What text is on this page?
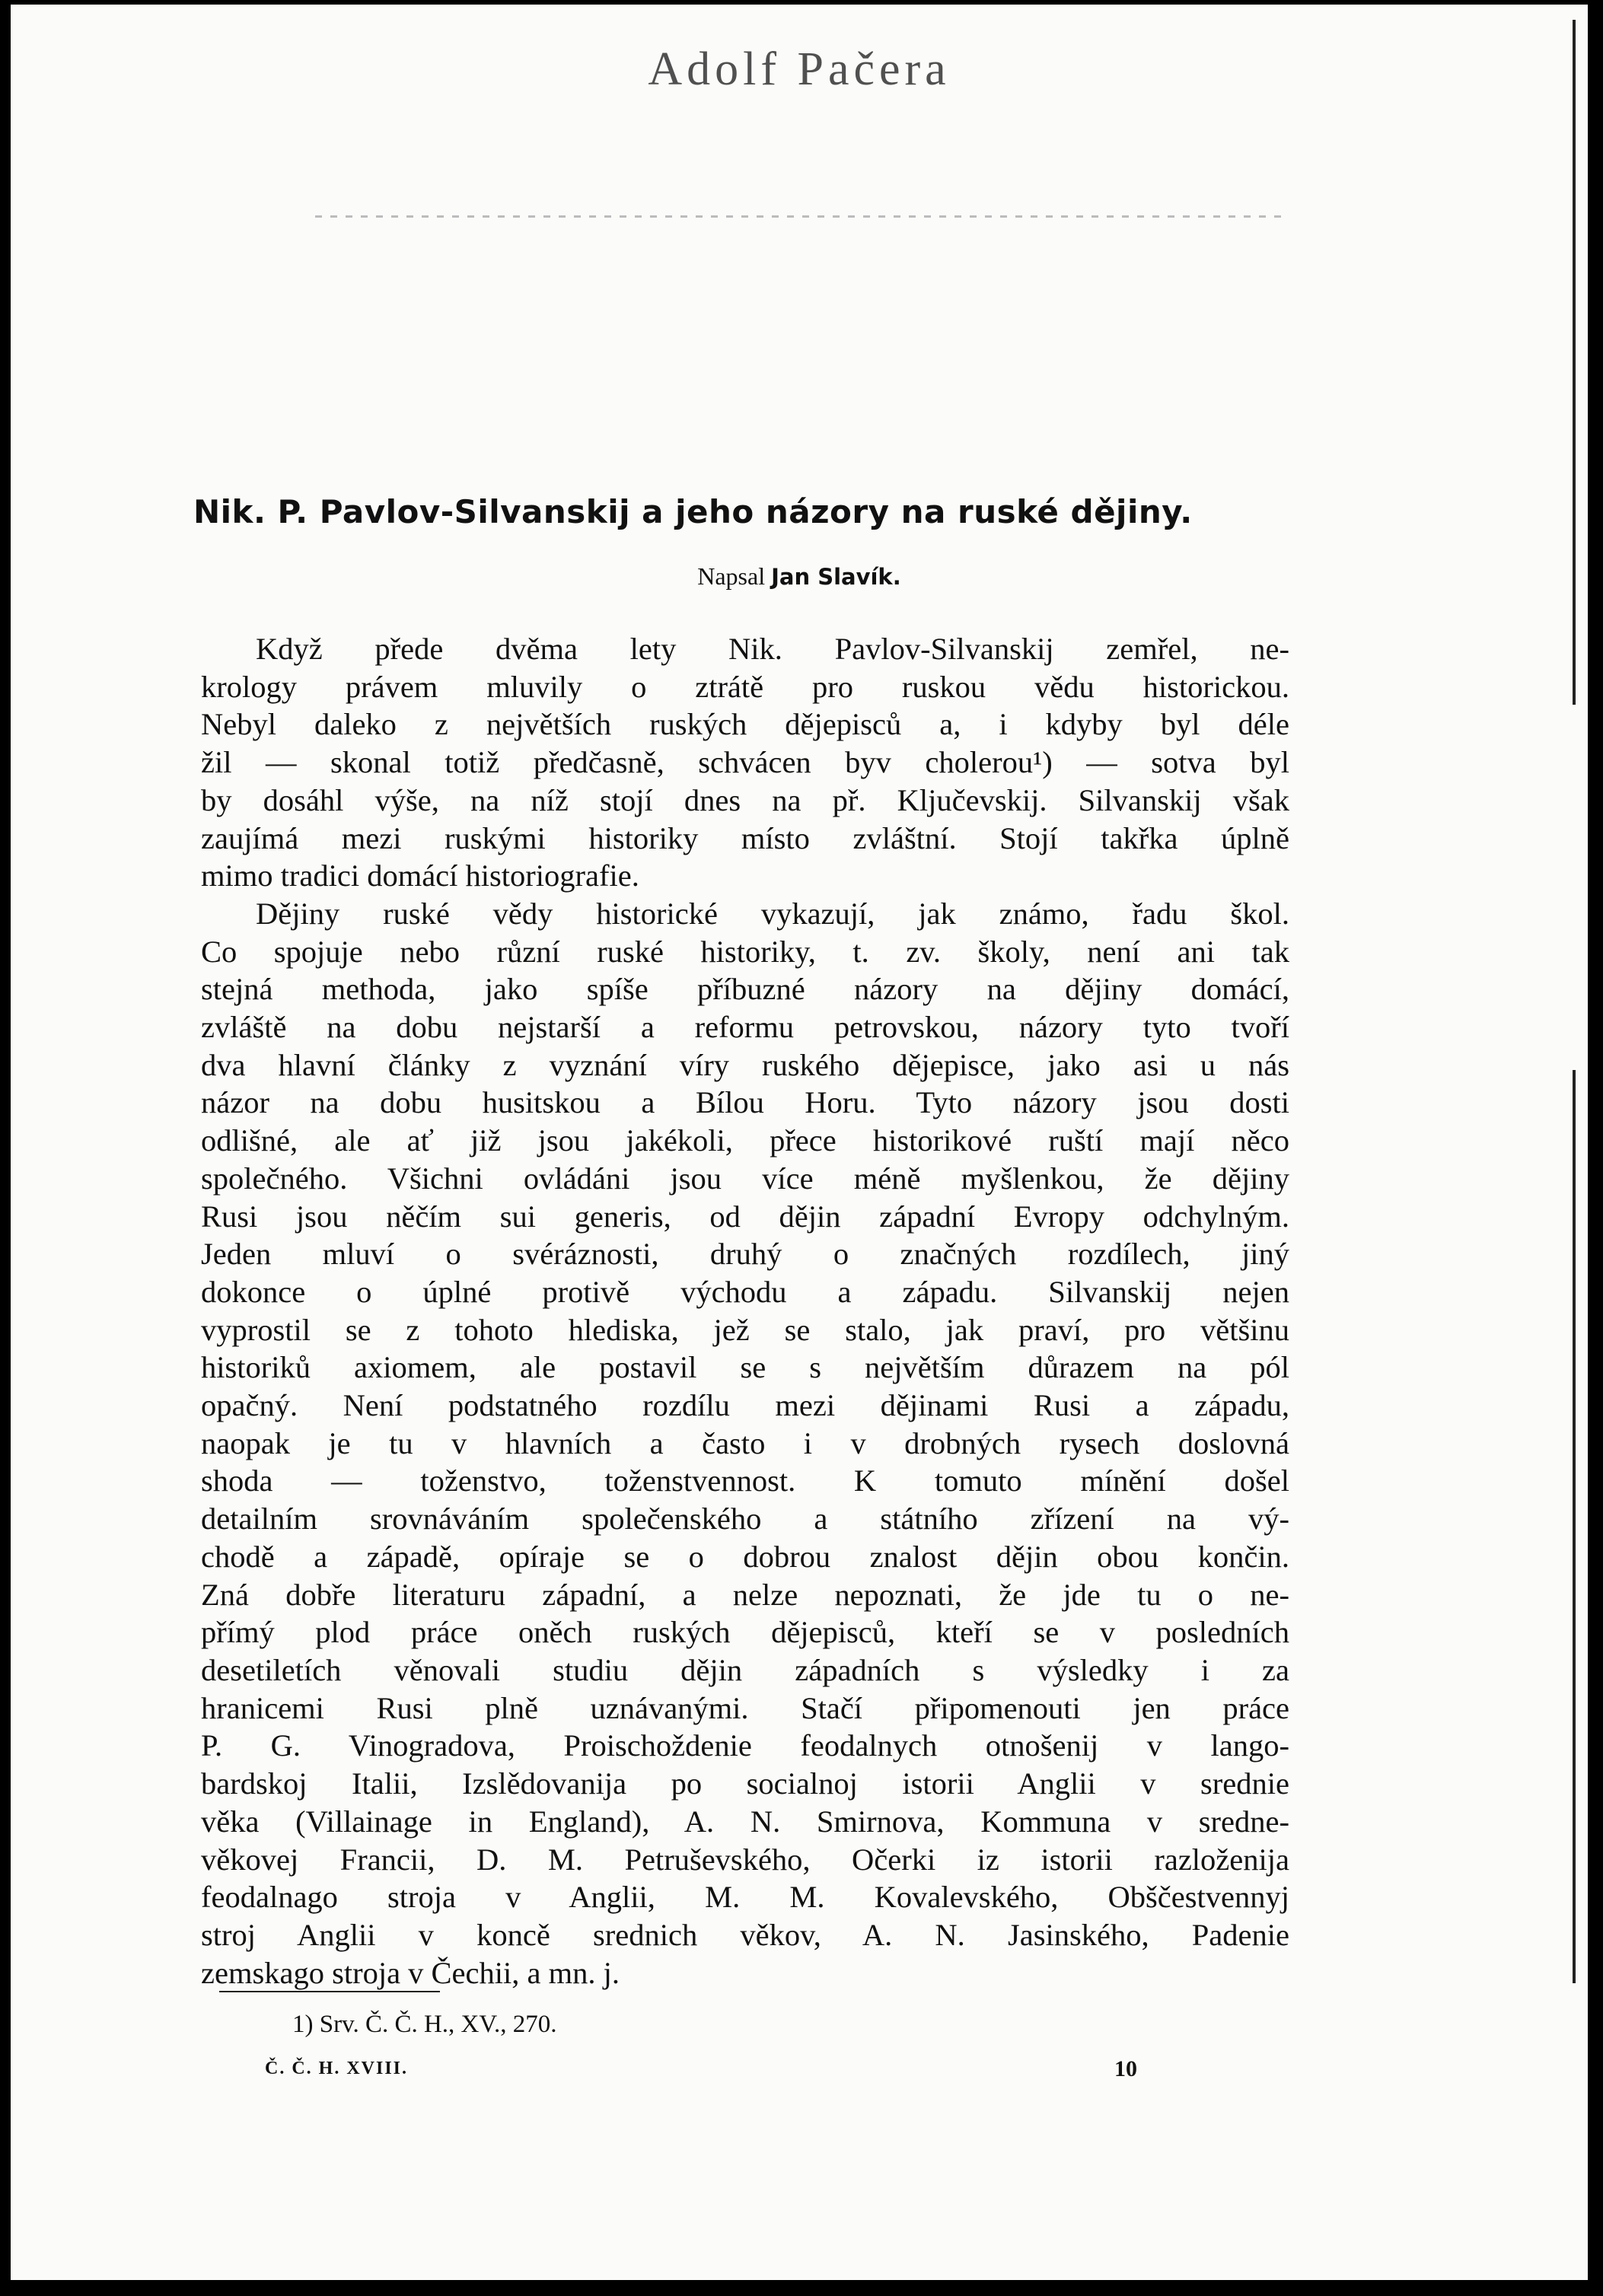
Adolf Pačera
Nik. P. Pavlov-Silvanskij a jeho názory na ruské dějiny.
Napsal Jan Slavík.
Když přede dvěma lety Nik. Pavlov-Silvanskij zemřel, ne-
krology právem mluvily o ztrátě pro ruskou vědu historickou.
Nebyl daleko z největších ruských dějepisců a, i kdyby byl déle
žil — skonal totiž předčasně, schvácen byv cholerou¹) — sotva byl
by dosáhl výše, na níž stojí dnes na př. Ključevskij. Silvanskij však
zaujímá mezi ruskými historiky místo zvláštní. Stojí takřka úplně
mimo tradici domácí historiografie.
Dějiny ruské vědy historické vykazují, jak známo, řadu škol.
Co spojuje nebo různí ruské historiky, t. zv. školy, není ani tak
stejná methoda, jako spíše příbuzné názory na dějiny domácí,
zvláště na dobu nejstarší a reformu petrovskou, názory tyto tvoří
dva hlavní články z vyznání víry ruského dějepisce, jako asi u nás
názor na dobu husitskou a Bílou Horu. Tyto názory jsou dosti
odlišné, ale ať již jsou jakékoli, přece historikové ruští mají něco
společného. Všichni ovládáni jsou více méně myšlenkou, že dějiny
Rusi jsou něčím sui generis, od dějin západní Evropy odchylným.
Jeden mluví o svéráznosti, druhý o značných rozdílech, jiný
dokonce o úplné protivě východu a západu. Silvanskij nejen
vyprostil se z tohoto hlediska, jež se stalo, jak praví, pro většinu
historiků axiomem, ale postavil se s největším důrazem na pól
opačný. Není podstatného rozdílu mezi dějinami Rusi a západu,
naopak je tu v hlavních a často i v drobných rysech doslovná
shoda — toženstvo, toženstvennost. K tomuto mínění došel
detailním srovnáváním společenského a státního zřízení na vý-
chodě a západě, opíraje se o dobrou znalost dějin obou končin.
Zná dobře literaturu západní, a nelze nepoznati, že jde tu o ne-
přímý plod práce oněch ruských dějepisců, kteří se v posledních
desetiletích věnovali studiu dějin západních s výsledky i za
hranicemi Rusi plně uznávanými. Stačí připomenouti jen práce
P. G. Vinogradova, Proischoždenie feodalnych otnošenij v lango-
bardskoj Italii, Izslědovanija po socialnoj istorii Anglii v srednie
věka (Villainage in England), A. N. Smirnova, Kommuna v sredne-
věkovej Francii, D. M. Petruševského, Očerki iz istorii razloženija
feodalnago stroja v Anglii, M. M. Kovalevského, Obščestvennyj
stroj Anglii v koncě srednich věkov, A. N. Jasinského, Padenie
zemskago stroja v Čechii, a mn. j.
1) Srv. Č. Č. H., XV., 270.
Č. Č. H. XVIII.	10
